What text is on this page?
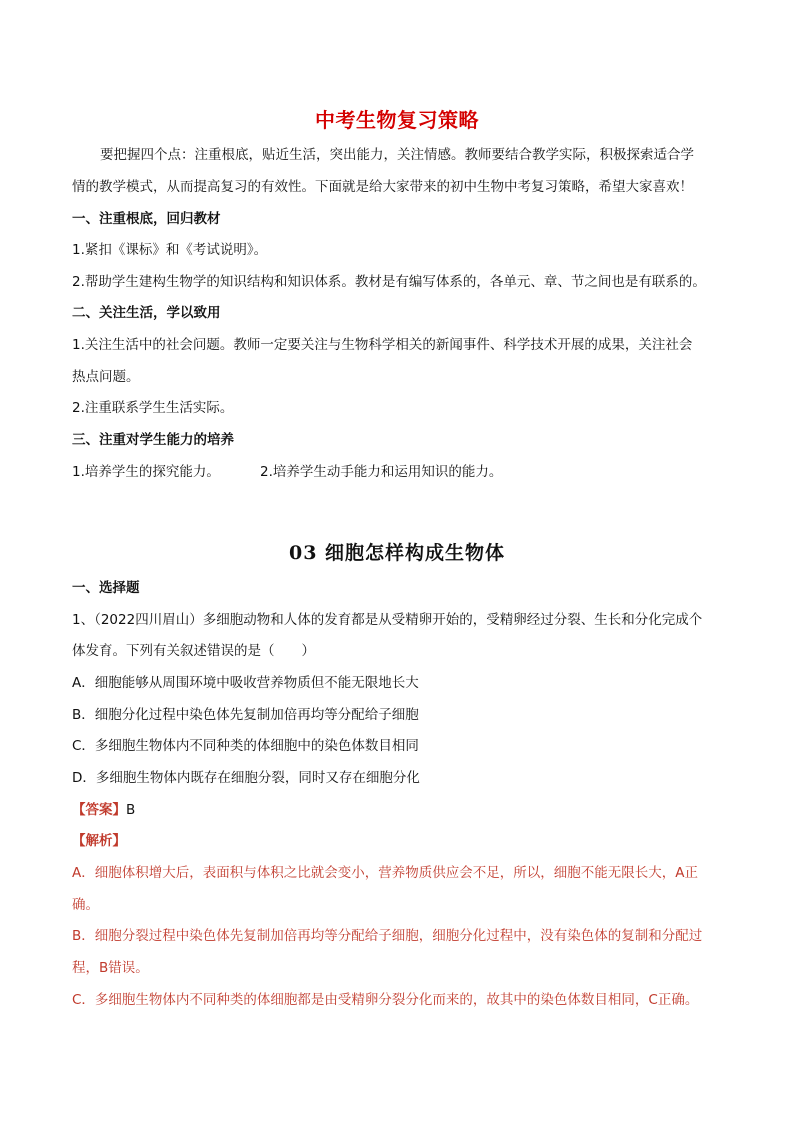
中考生物复习策略
要把握四个点：注重根底，贴近生活，突出能力，关注情感。教师要结合教学实际，积极探索适合学
情的教学模式，从而提高复习的有效性。下面就是给大家带来的初中生物中考复习策略，希望大家喜欢！
一、注重根底，回归教材
1.紧扣《课标》和《考试说明》。
2.帮助学生建构生物学的知识结构和知识体系。教材是有编写体系的，各单元、章、节之间也是有联系的。
二、关注生活，学以致用
1.关注生活中的社会问题。教师一定要关注与生物科学相关的新闻事件、科学技术开展的成果，关注社会
热点问题。
2.注重联系学生生活实际。
三、注重对学生能力的培养
1.培养学生的探究能力。	2.培养学生动手能力和运用知识的能力。
03 细胞怎样构成生物体
一、选择题
1、（2022四川眉山）多细胞动物和人体的发育都是从受精卵开始的，受精卵经过分裂、生长和分化完成个
体发育。下列有关叙述错误的是（　　）
A．细胞能够从周围环境中吸收营养物质但不能无限地长大
B．细胞分化过程中染色体先复制加倍再均等分配给子细胞
C．多细胞生物体内不同种类的体细胞中的染色体数目相同
D．多细胞生物体内既存在细胞分裂，同时又存在细胞分化
【答案】B
【解析】
A．细胞体积增大后，表面积与体积之比就会变小，营养物质供应会不足，所以，细胞不能无限长大，A正
确。
B．细胞分裂过程中染色体先复制加倍再均等分配给子细胞，细胞分化过程中，没有染色体的复制和分配过
程，B错误。
C．多细胞生物体内不同种类的体细胞都是由受精卵分裂分化而来的，故其中的染色体数目相同，C正确。
